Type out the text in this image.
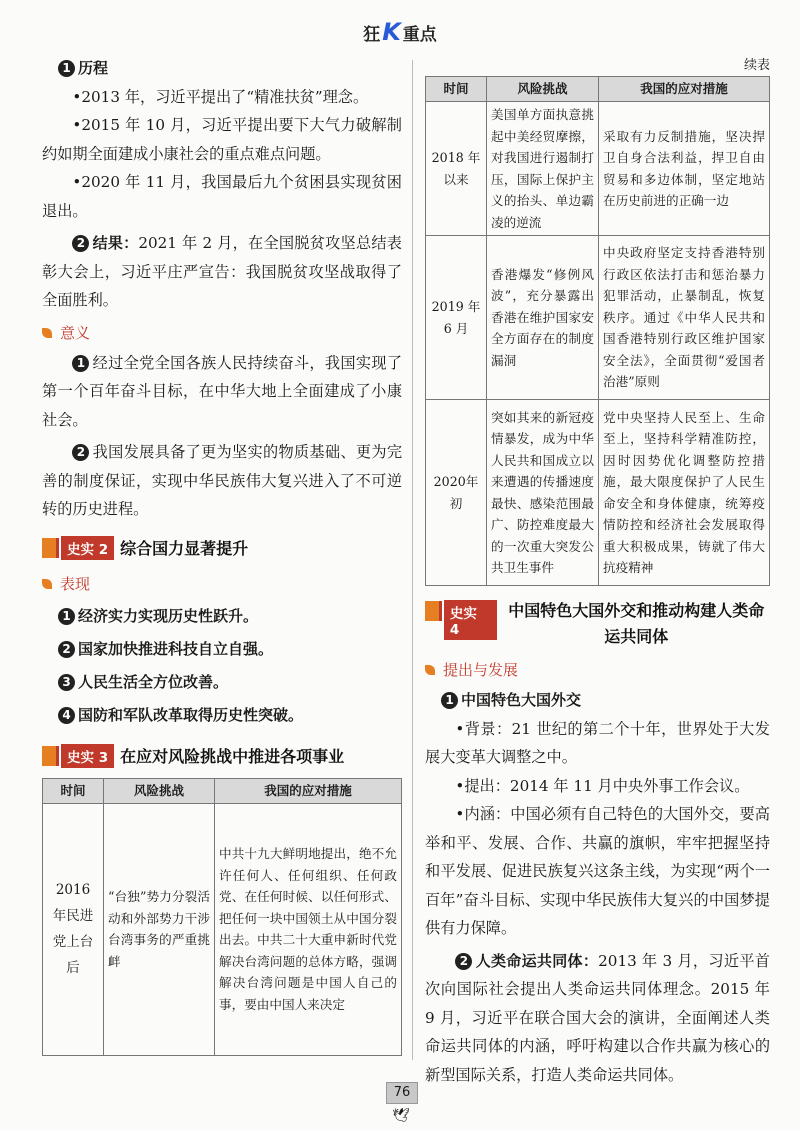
狂K 重点

1 历程

•2013 年，习近平提出了“精准扶贫”理念。

•2015 年 10 月，习近平提出要下大气力破解制约如期全面建成小康社会的重点难点问题。

•2020 年 11 月，我国最后九个贫困县实现贫困退出。

2 结果：2021 年 2 月，在全国脱贫攻坚总结表彰大会上，习近平庄严宣告：我国脱贫攻坚战取得了全面胜利。

意义

1 经过全党全国各族人民持续奋斗，我国实现了第一个百年奋斗目标，在中华大地上全面建成了小康社会。

2 我国发展具备了更为坚实的物质基础、更为完善的制度保证，实现中华民族伟大复兴进入了不可逆转的历史进程。

史实 2 综合国力显著提升
表现

1 经济实力实现历史性跃升。

2 国家加快推进科技自立自强。

3 人民生活全方位改善。

4 国防和军队改革取得历史性突破。

史实 3 在应对风险挑战中推进各项事业
时间	风险挑战	我国的应对措施
2016 年民进党上台后	“台独”势力分裂活动和外部势力干涉台湾事务的严重挑衅	中共十九大鲜明地提出，绝不允许任何人、任何组织、任何政党、在任何时候、以任何形式、把任何一块中国领土从中国分裂出去。中共二十大重申新时代党解决台湾问题的总体方略，强调解决台湾问题是中国人自己的事，要由中国人来决定
续表
时间	风险挑战	我国的应对措施
2018 年以来	美国单方面执意挑起中美经贸摩擦，对我国进行遏制打压，国际上保护主义的抬头、单边霸凌的逆流	采取有力反制措施，坚决捍卫自身合法利益，捍卫自由贸易和多边体制，坚定地站在历史前进的正确一边
2019 年6 月	香港爆发“修例风波”，充分暴露出香港在维护国家安全方面存在的制度漏洞	中央政府坚定支持香港特别行政区依法打击和惩治暴力犯罪活动，止暴制乱，恢复秩序。通过《中华人民共和国香港特别行政区维护国家安全法》，全面贯彻“爱国者治港”原则
2020年初	突如其来的新冠疫情暴发，成为中华人民共和国成立以来遭遇的传播速度最快、感染范围最广、防控难度最大的一次重大突发公共卫生事件	党中央坚持人民至上、生命至上，坚持科学精准防控，因时因势优化调整防控措施，最大限度保护了人民生命安全和身体健康，统筹疫情防控和经济社会发展取得重大积极成果，铸就了伟大抗疫精神
史实 4
中国特色大国外交和推动构建人类命运共同体
提出与发展

1 中国特色大国外交

•背景：21 世纪的第二个十年，世界处于大发展大变革大调整之中。

•提出：2014 年 11 月中央外事工作会议。

•内涵：中国必须有自己特色的大国外交，要高举和平、发展、合作、共赢的旗帜，牢牢把握坚持和平发展、促进民族复兴这条主线，为实现“两个一百年”奋斗目标、实现中华民族伟大复兴的中国梦提供有力保障。

2 人类命运共同体：2013 年 3 月，习近平首次向国际社会提出人类命运共同体理念。2015 年 9 月，习近平在联合国大会的演讲，全面阐述人类命运共同体的内涵，呼吁构建以合作共赢为核心的新型国际关系，打造人类命运共同体。

76
🕊
